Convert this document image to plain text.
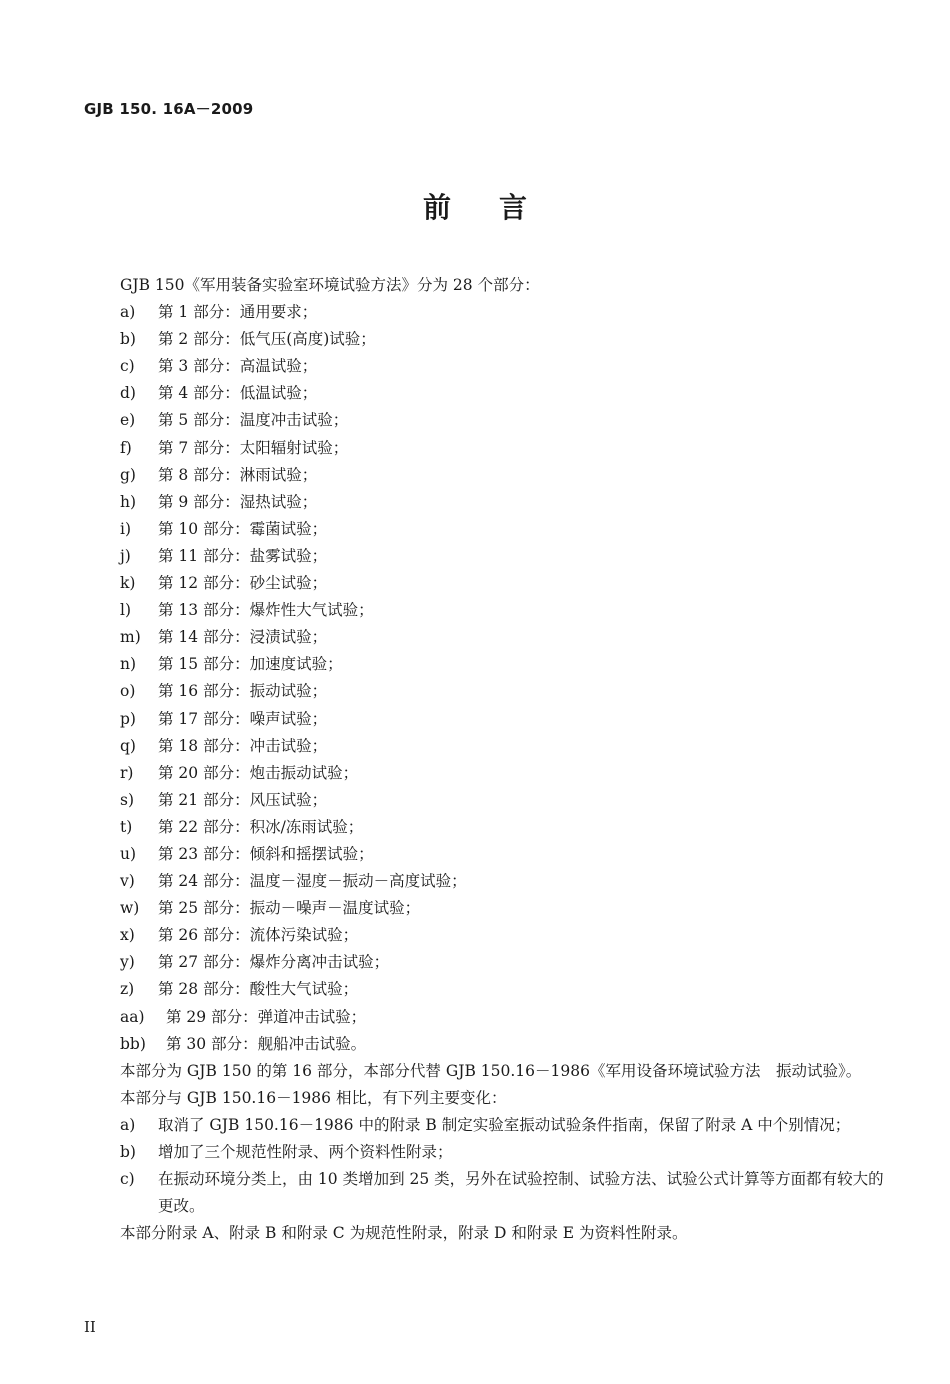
GJB 150. 16A－2009
前言
GJB 150《军用装备实验室环境试验方法》分为 28 个部分：
a)	第 1 部分：通用要求；
b)	第 2 部分：低气压(高度)试验；
c)	第 3 部分：高温试验；
d)	第 4 部分：低温试验；
e)	第 5 部分：温度冲击试验；
f)	第 7 部分：太阳辐射试验；
g)	第 8 部分：淋雨试验；
h)	第 9 部分：湿热试验；
i)	第 10 部分：霉菌试验；
j)	第 11 部分：盐雾试验；
k)	第 12 部分：砂尘试验；
l)	第 13 部分：爆炸性大气试验；
m)	第 14 部分：浸渍试验；
n)	第 15 部分：加速度试验；
o)	第 16 部分：振动试验；
p)	第 17 部分：噪声试验；
q)	第 18 部分：冲击试验；
r)	第 20 部分：炮击振动试验；
s)	第 21 部分：风压试验；
t)	第 22 部分：积冰/冻雨试验；
u)	第 23 部分：倾斜和摇摆试验；
v)	第 24 部分：温度－湿度－振动－高度试验；
w)	第 25 部分：振动－噪声－温度试验；
x)	第 26 部分：流体污染试验；
y)	第 27 部分：爆炸分离冲击试验；
z)	第 28 部分：酸性大气试验；
aa)	第 29 部分：弹道冲击试验；
bb)	第 30 部分：舰船冲击试验。

本部分为 GJB 150 的第 16 部分，本部分代替 GJB 150.16－1986《军用设备环境试验方法　振动试验》。

本部分与 GJB 150.16－1986 相比，有下列主要变化：
a)	取消了 GJB 150.16－1986 中的附录 B 制定实验室振动试验条件指南，保留了附录 A 中个别情况；
b)	增加了三个规范性附录、两个资料性附录；
c)	在振动环境分类上，由 10 类增加到 25 类，另外在试验控制、试验方法、试验公式计算等方面都有较大的更改。
本部分附录 A、附录 B 和附录 C 为规范性附录，附录 D 和附录 E 为资料性附录。
II
